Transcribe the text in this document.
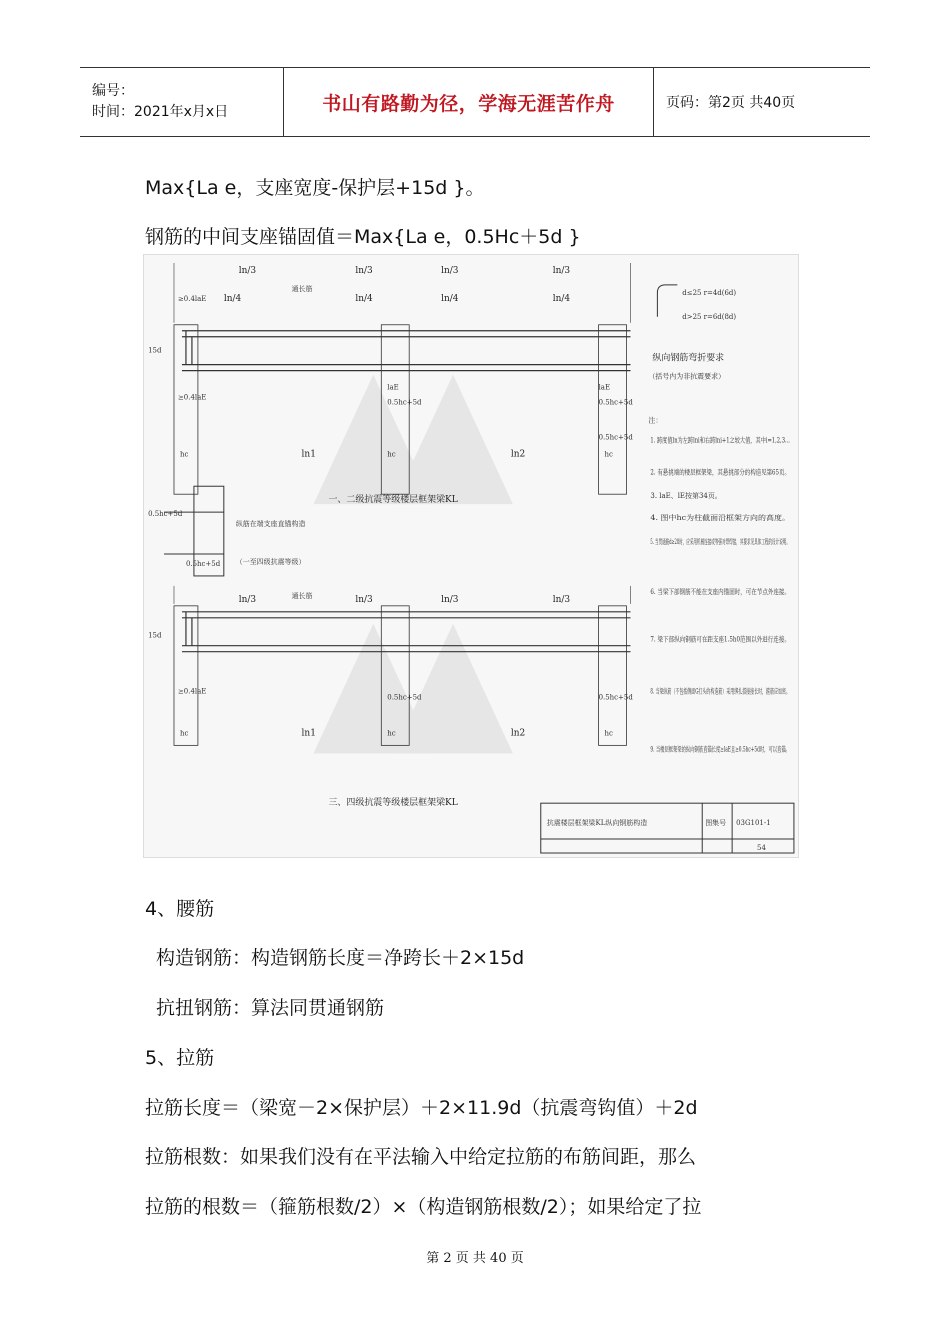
编号：
时间：2021年x月x日	书山有路勤为径，学海无涯苦作舟	页码：第2页 共40页
Max{La e，支座宽度-保护层+15d }。
钢筋的中间支座锚固值＝Max{La e，0.5Hc＋5d }
ln/3	ln/3	ln/3	ln/3
ln/4	ln/4	ln/4	ln/4
≥0.4laE
通长筋
15d
0.5hc+5d	0.5hc+5d
0.5hc+5d
laE	laE
≥0.4laE
ln1	ln2
hc	hc	hc
一、二级抗震等级楼层框架梁KL
d≤25 r=4d(6d)
d>25 r=6d(8d)
纵向钢筋弯折要求
（括号内为非抗震要求）
注：
1. 跨度值ln为左跨lni和右跨lni+1之较大值，其中i=1,2,3...
2. 有悬挑端的楼层框架梁，其悬挑部分的构造见第65页。
3. laE、lE按第34页。
4. 图中hc为柱截面沿框架方向的高度。
5. 当贯通筋d≥28时，应采用机械连接或等强对焊焊接，其要求见具体工程的设计说明。
6. 当梁下部钢筋不能在支座内锚固时，可在节点外连接。
7. 梁下部纵向钢筋可在距支座1.5h0范围以外进行连接。
8. 当梁纵筋（不包括侧面G打头的构造筋）采用绑扎搭接接长时，箍筋应加密。
9. 当楼层框架梁的纵向钢筋直锚长度≥laE且≥0.5hc+5d时，可以直锚。
0.5hc+5d
0.5hc+5d
纵筋在端支座直锚构造
（一至四级抗震等级）
ln/3	ln/3	ln/3	ln/3
通长筋
15d
0.5hc+5d	0.5hc+5d
≥0.4laE
ln1	ln2
hc	hc	hc
三、四级抗震等级楼层框架梁KL
抗震楼层框架梁KL纵向钢筋构造	图集号 03G101-1
54
4、腰筋
构造钢筋：构造钢筋长度＝净跨长＋2×15d
抗扭钢筋：算法同贯通钢筋
5、拉筋
拉筋长度＝（梁宽－2×保护层）＋2×11.9d（抗震弯钩值）＋2d
拉筋根数：如果我们没有在平法输入中给定拉筋的布筋间距，那么
拉筋的根数＝（箍筋根数/2）×（构造钢筋根数/2）；如果给定了拉
第 2 页 共 40 页
